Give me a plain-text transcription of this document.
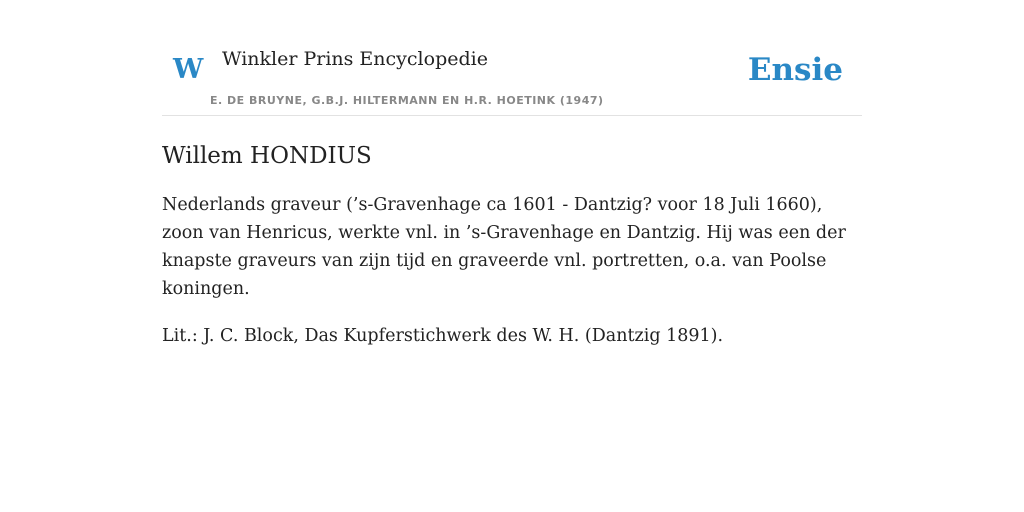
W Winkler Prins Encyclopedie
E. DE BRUYNE, G.B.J. HILTERMANN EN H.R. HOETINK (1947)
Ensie
Willem HONDIUS

Nederlands graveur (’s-Gravenhage ca 1601 - Dantzig? voor 18 Juli 1660), zoon van Henricus, werkte vnl. in ’s-Gravenhage en Dantzig. Hij was een der knapste graveurs van zijn tijd en graveerde vnl. portretten, o.a. van Poolse koningen.

Lit.: J. C. Block, Das Kupferstichwerk des W. H. (Dantzig 1891).
